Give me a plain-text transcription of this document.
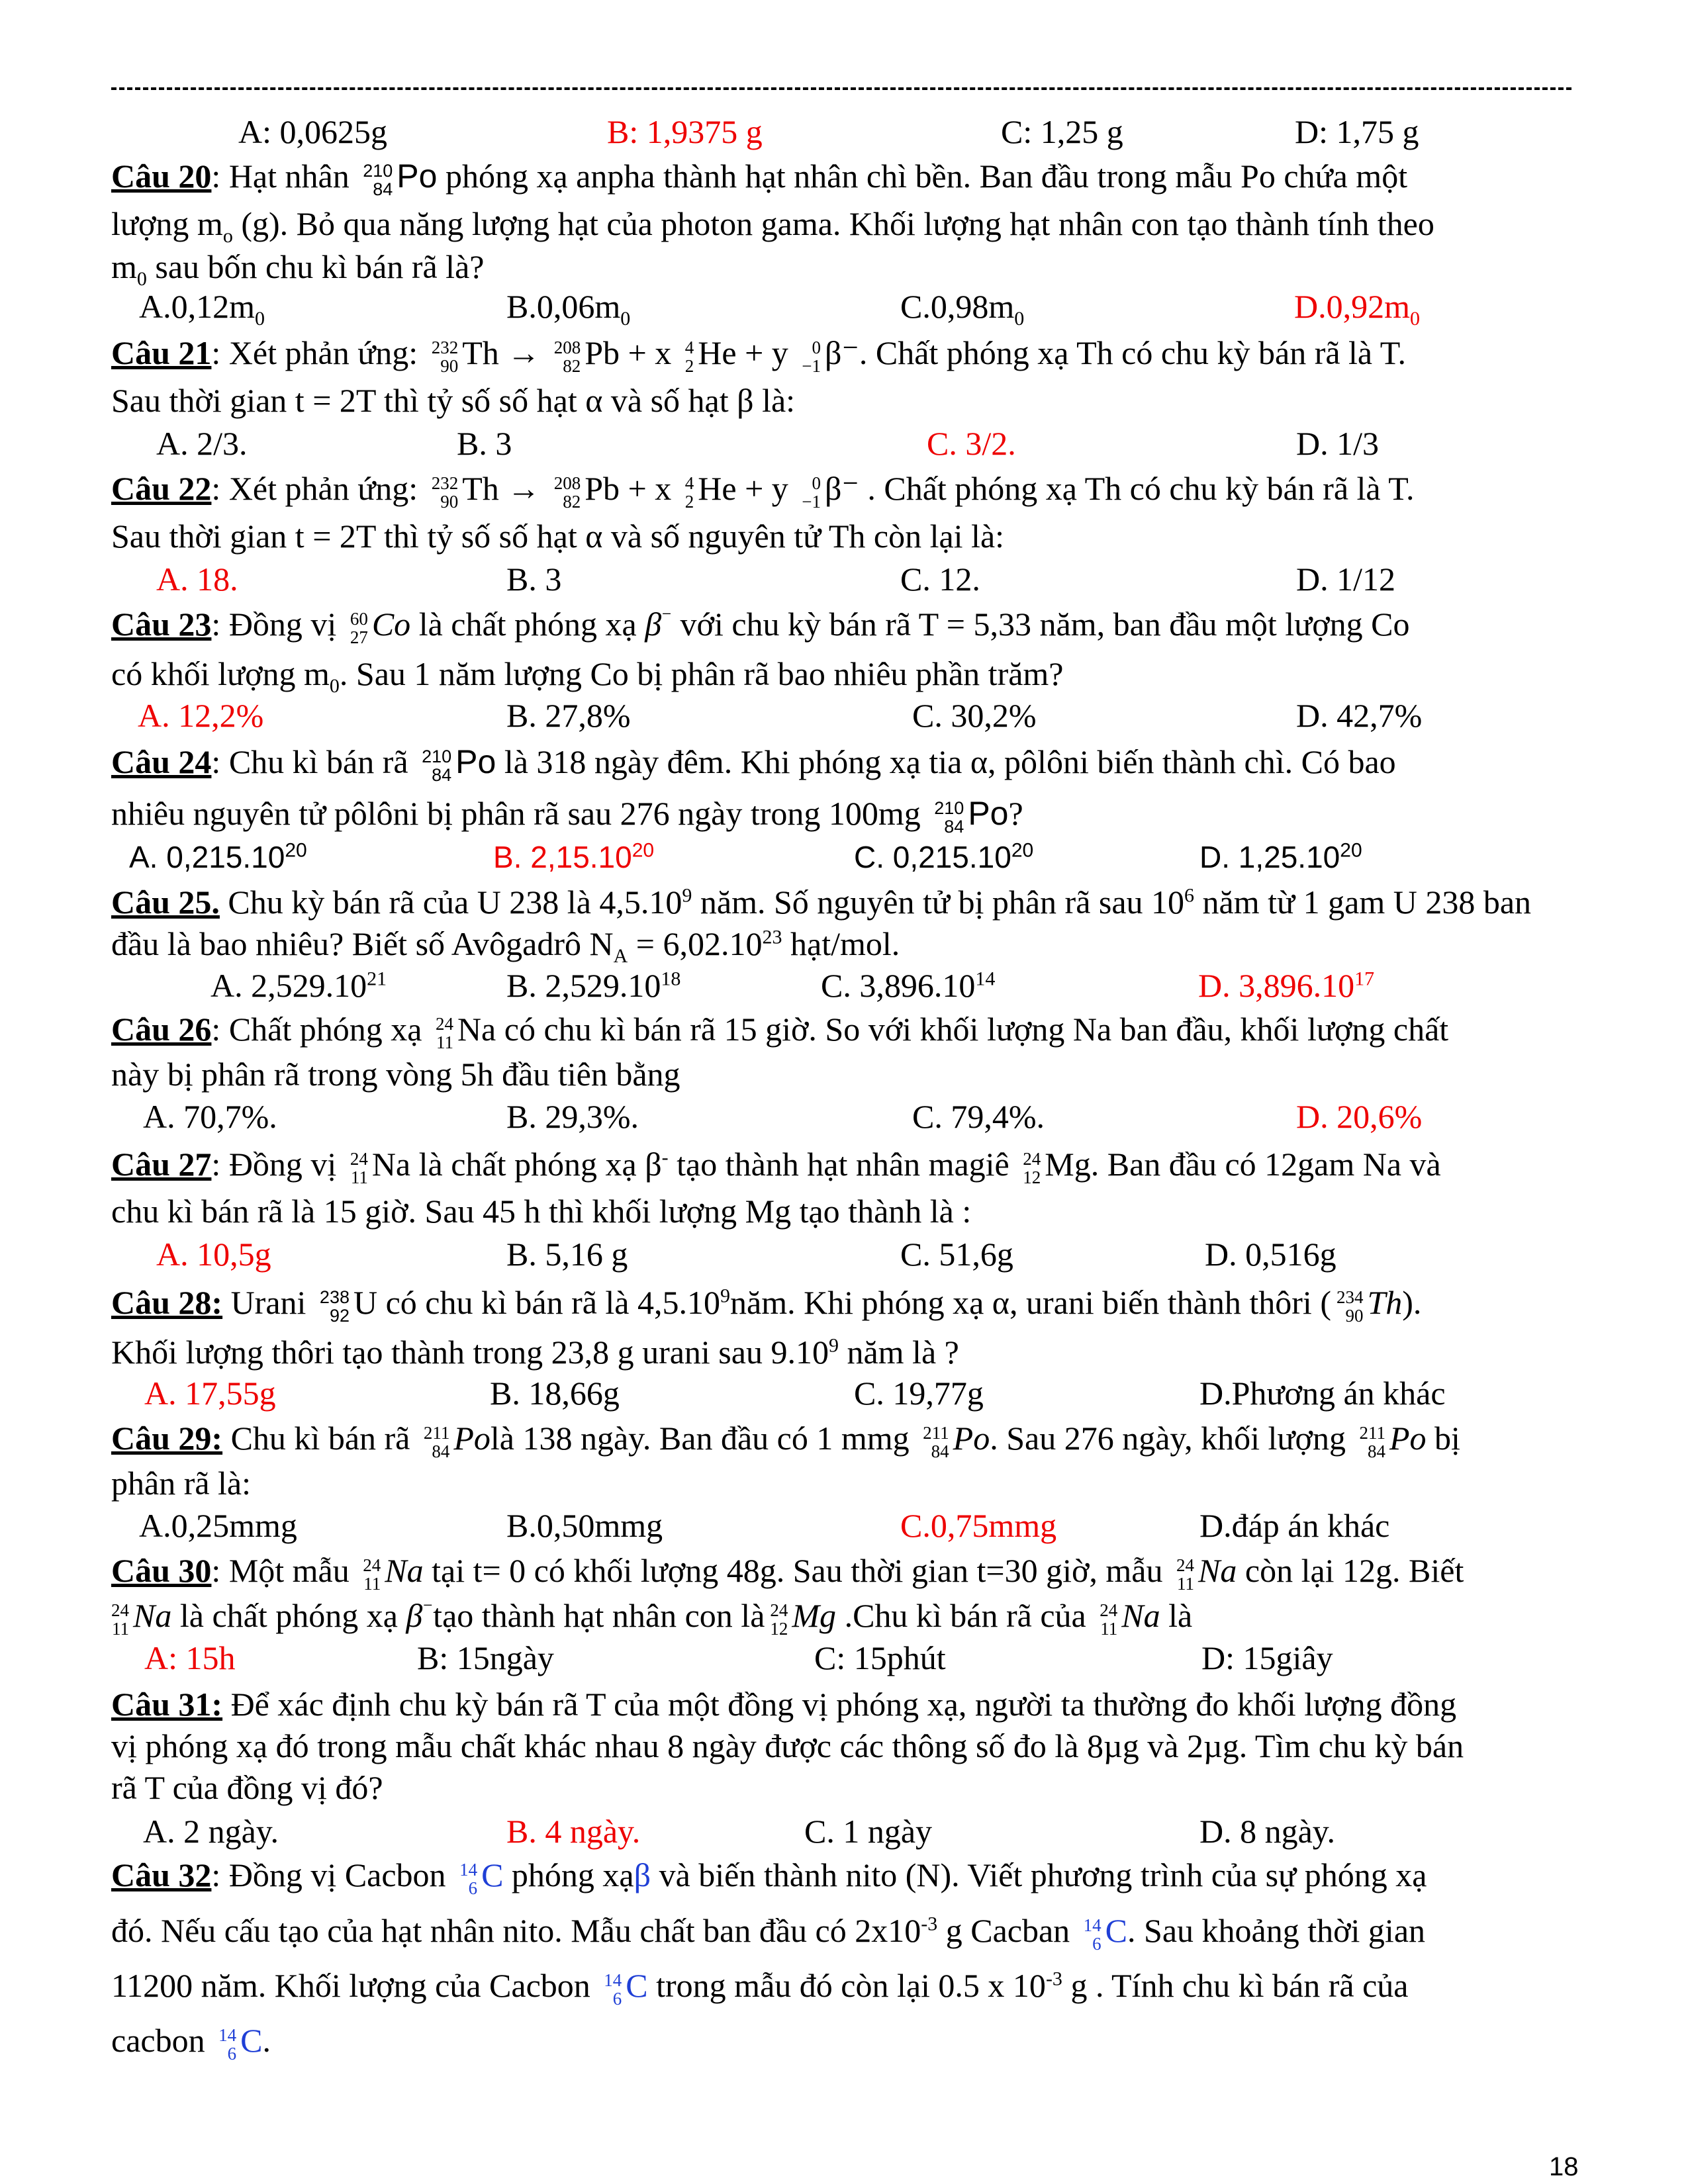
A: 0,0625g	B: 1,9375 g	C: 1,25 g	D: 1,75 g
Câu 20: Hạt nhân 210
84 Po phóng xạ anpha thành hạt nhân chì bền. Ban đầu trong mẫu Po chứa một
lượng $m_o$ (g). Bỏ qua năng lượng hạt của photon gama. Khối lượng hạt nhân con tạo thành tính theo
$m_0$ sau bốn chu kì bán rã là?
$A.0,12m_0$	$B.0,06m_0$	$C.0,98m_0$	$D.0,92m_0$
Câu 21: Xét phản ứng: 232
90 Th → 208
82 Pb + x 4
2 He + y 0
−1 β⁻. Chất phóng xạ Th có chu kỳ bán rã là T.
Sau thời gian t = 2T thì tỷ số số hạt α và số hạt β là:
A. 2/3.	B. 3	C. 3/2.	D. 1/3
Câu 22: Xét phản ứng: 232
90 Th → 208
82 Pb + x 4
2 He + y 0
−1 β⁻ . Chất phóng xạ Th có chu kỳ bán rã là T.
Sau thời gian t = 2T thì tỷ số số hạt α và số nguyên tử Th còn lại là:
A. 18.	B. 3	C. 12.	D. 1/12
Câu 23: Đồng vị 60
27 Co là chất phóng xạ β⁻ với chu kỳ bán rã T = 5,33 năm, ban đầu một lượng Co
có khối lượng $m_0$. Sau 1 năm lượng Co bị phân rã bao nhiêu phần trăm?
A. 12,2%	B. 27,8%	C. 30,2%	D. 42,7%
Câu 24: Chu kì bán rã 210
84 Po là 318 ngày đêm. Khi phóng xạ tia α, pôlôni biến thành chì. Có bao
nhiêu nguyên tử pôlôni bị phân rã sau 276 ngày trong 100mg 210
84 Po?
A. 0,215.10$^{20}$	B. 2,15.10$^{20}$	C. 0,215.10$^{20}$	D. 1,25.10$^{20}$
Câu 25. Chu kỳ bán rã của U 238 là 4,5.10$^9$ năm. Số nguyên tử bị phân rã sau $10^6$ năm từ 1 gam U 238 ban
đầu là bao nhiêu? Biết số Avôgadrô $N_A = 6,02.10^{23}$ hạt/mol.
A. 2,529.10$^{21}$	B. 2,529.10$^{18}$	C. 3,896.10$^{14}$	D. 3,896.10$^{17}$
Câu 26: Chất phóng xạ 24
11 Na có chu kì bán rã 15 giờ. So với khối lượng Na ban đầu, khối lượng chất
này bị phân rã trong vòng 5h đầu tiên bằng
A. 70,7%.	B. 29,3%.	C. 79,4%.	D. 20,6%
Câu 27: Đồng vị 24
11 Na là chất phóng xạ β- tạo thành hạt nhân magiê 24
12 Mg. Ban đầu có 12gam Na và
chu kì bán rã là 15 giờ. Sau 45 h thì khối lượng Mg tạo thành là :
A. 10,5g	B. 5,16 g	C. 51,6g	D. 0,516g
Câu 28: Urani 238
92 U có chu kì bán rã là 4,5.10$^9$năm. Khi phóng xạ α, urani biến thành thôri ( 234
90 Th).
Khối lượng thôri tạo thành trong 23,8 g urani sau 9.10$^9$ năm là ?
A. 17,55g	B. 18,66g	C. 19,77g	D.Phương án khác
Câu 29: Chu kì bán rã 211
84 Polà 138 ngày. Ban đầu có 1 mmg 211
84 Po. Sau 276 ngày, khối lượng 211
84 Po bị
phân rã là:
A.0,25mmg	B.0,50mmg	C.0,75mmg	D.đáp án khác
Câu 30: Một mẫu 24
11 Na tại t= 0 có khối lượng 48g. Sau thời gian t=30 giờ, mẫu 24
11 Na còn lại 12g. Biết
24
11 Na là chất phóng xạ β⁻tạo thành hạt nhân con là 24
12 Mg .Chu kì bán rã của 24
11 Na là
A: 15h	B: 15ngày	C: 15phút	D: 15giây
Câu 31: Để xác định chu kỳ bán rã T của một đồng vị phóng xạ, người ta thường đo khối lượng đồng
vị phóng xạ đó trong mẫu chất khác nhau 8 ngày được các thông số đo là 8µg và 2µg. Tìm chu kỳ bán
rã T của đồng vị đó?
A. 2 ngày.	B. 4 ngày.	C. 1 ngày	D. 8 ngày.
Câu 32: Đồng vị Cacbon 14
6 C phóng xạβ và biến thành nito (N). Viết phương trình của sự phóng xạ
đó. Nếu cấu tạo của hạt nhân nito. Mẫu chất ban đầu có $2x10^{-3}$ g Cacban 14
6 C. Sau khoảng thời gian
11200 năm. Khối lượng của Cacbon 14
6 C trong mẫu đó còn lại 0.5 x $10^{-3}$ g . Tính chu kì bán rã của
cacbon 14
6 C.
18
